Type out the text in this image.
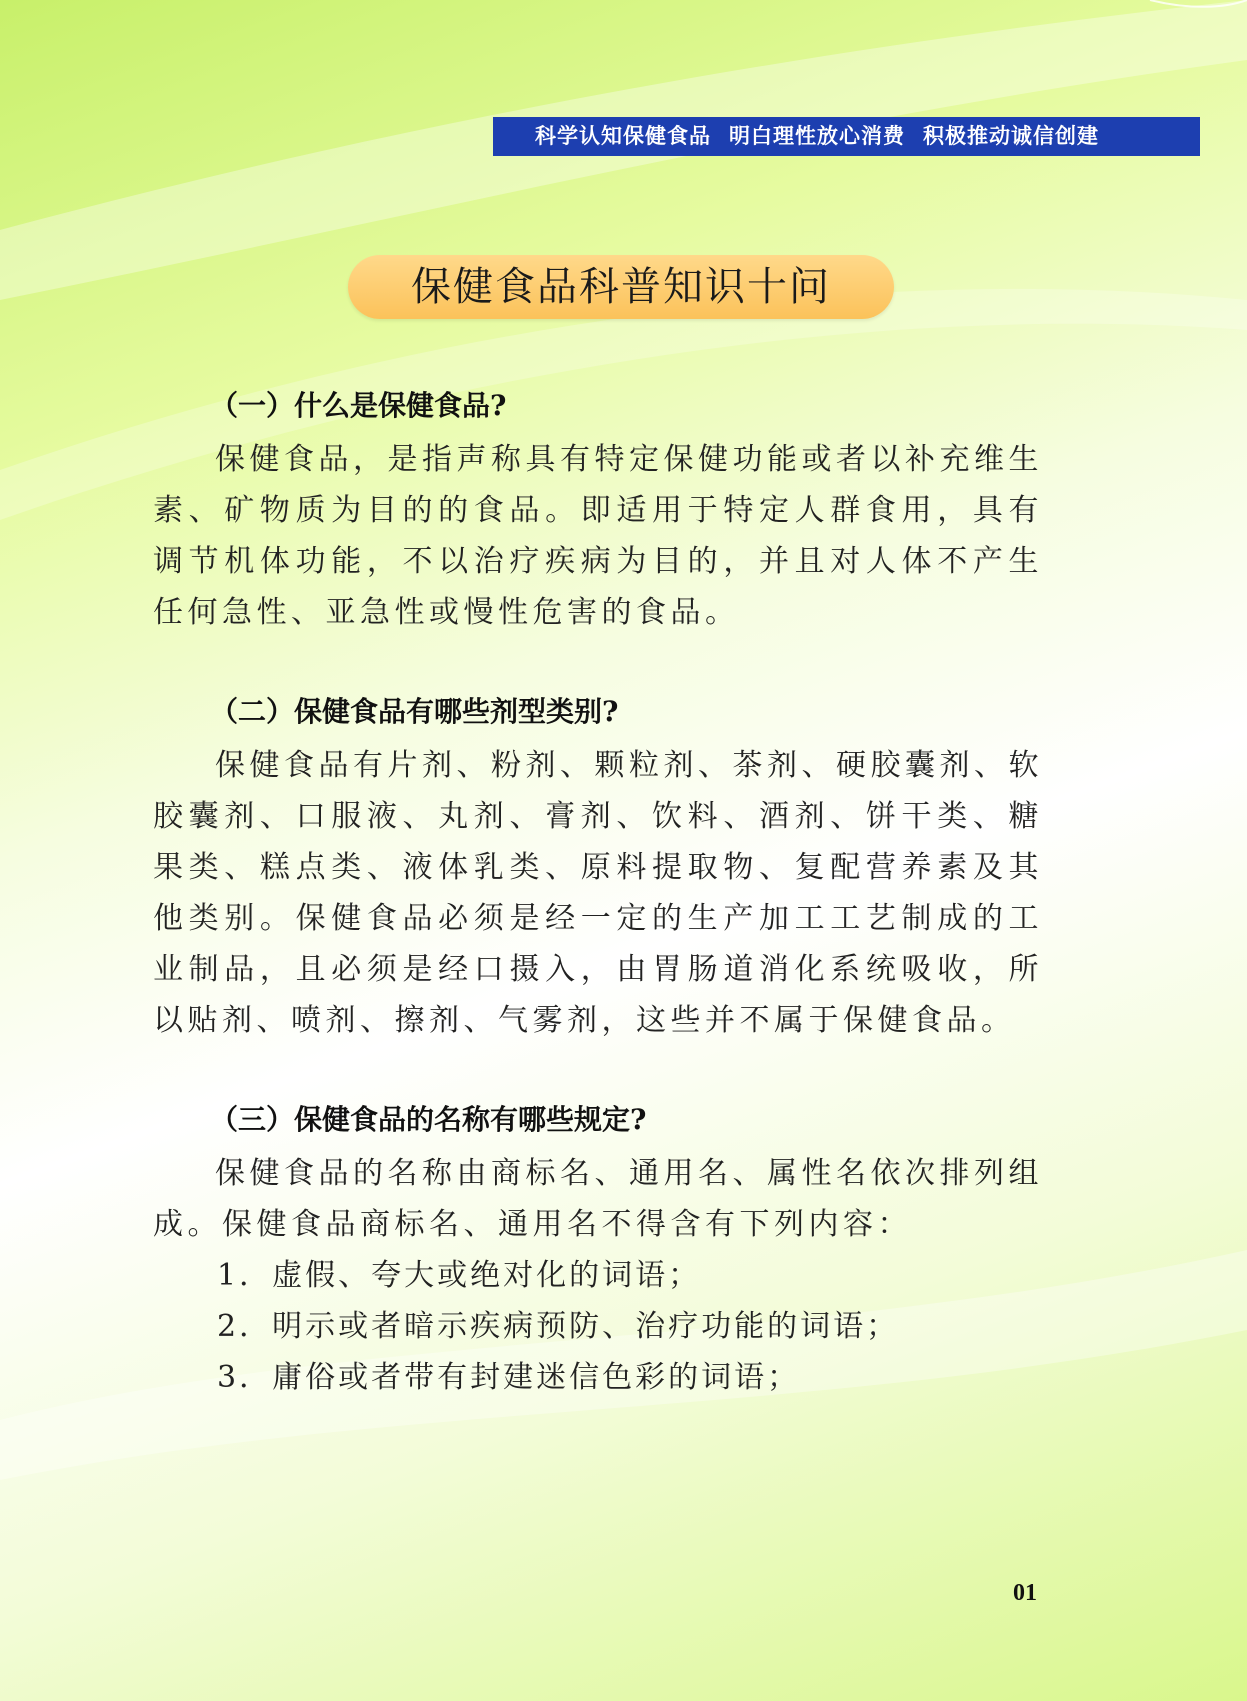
科学认知保健食品 明白理性放心消费 积极推动诚信创建
保健食品科普知识十问
（一）什么是保健食品?

保健食品，是指声称具有特定保健功能或者以补充维生素、矿物质为目的的食品。即适用于特定人群食用，具有调节机体功能，不以治疗疾病为目的，并且对人体不产生任何急性、亚急性或慢性危害的食品。

（二）保健食品有哪些剂型类别?

保健食品有片剂、粉剂、颗粒剂、茶剂、硬胶囊剂、软胶囊剂、口服液、丸剂、膏剂、饮料、酒剂、饼干类、糖果类、糕点类、液体乳类、原料提取物、复配营养素及其他类别。保健食品必须是经一定的生产加工工艺制成的工业制品，且必须是经口摄入，由胃肠道消化系统吸收，所以贴剂、喷剂、擦剂、气雾剂，这些并不属于保健食品。

（三）保健食品的名称有哪些规定?

保健食品的名称由商标名、通用名、属性名依次排列组成。保健食品商标名、通用名不得含有下列内容：

1．虚假、夸大或绝对化的词语；
2．明示或者暗示疾病预防、治疗功能的词语；
3．庸俗或者带有封建迷信色彩的词语；
01
